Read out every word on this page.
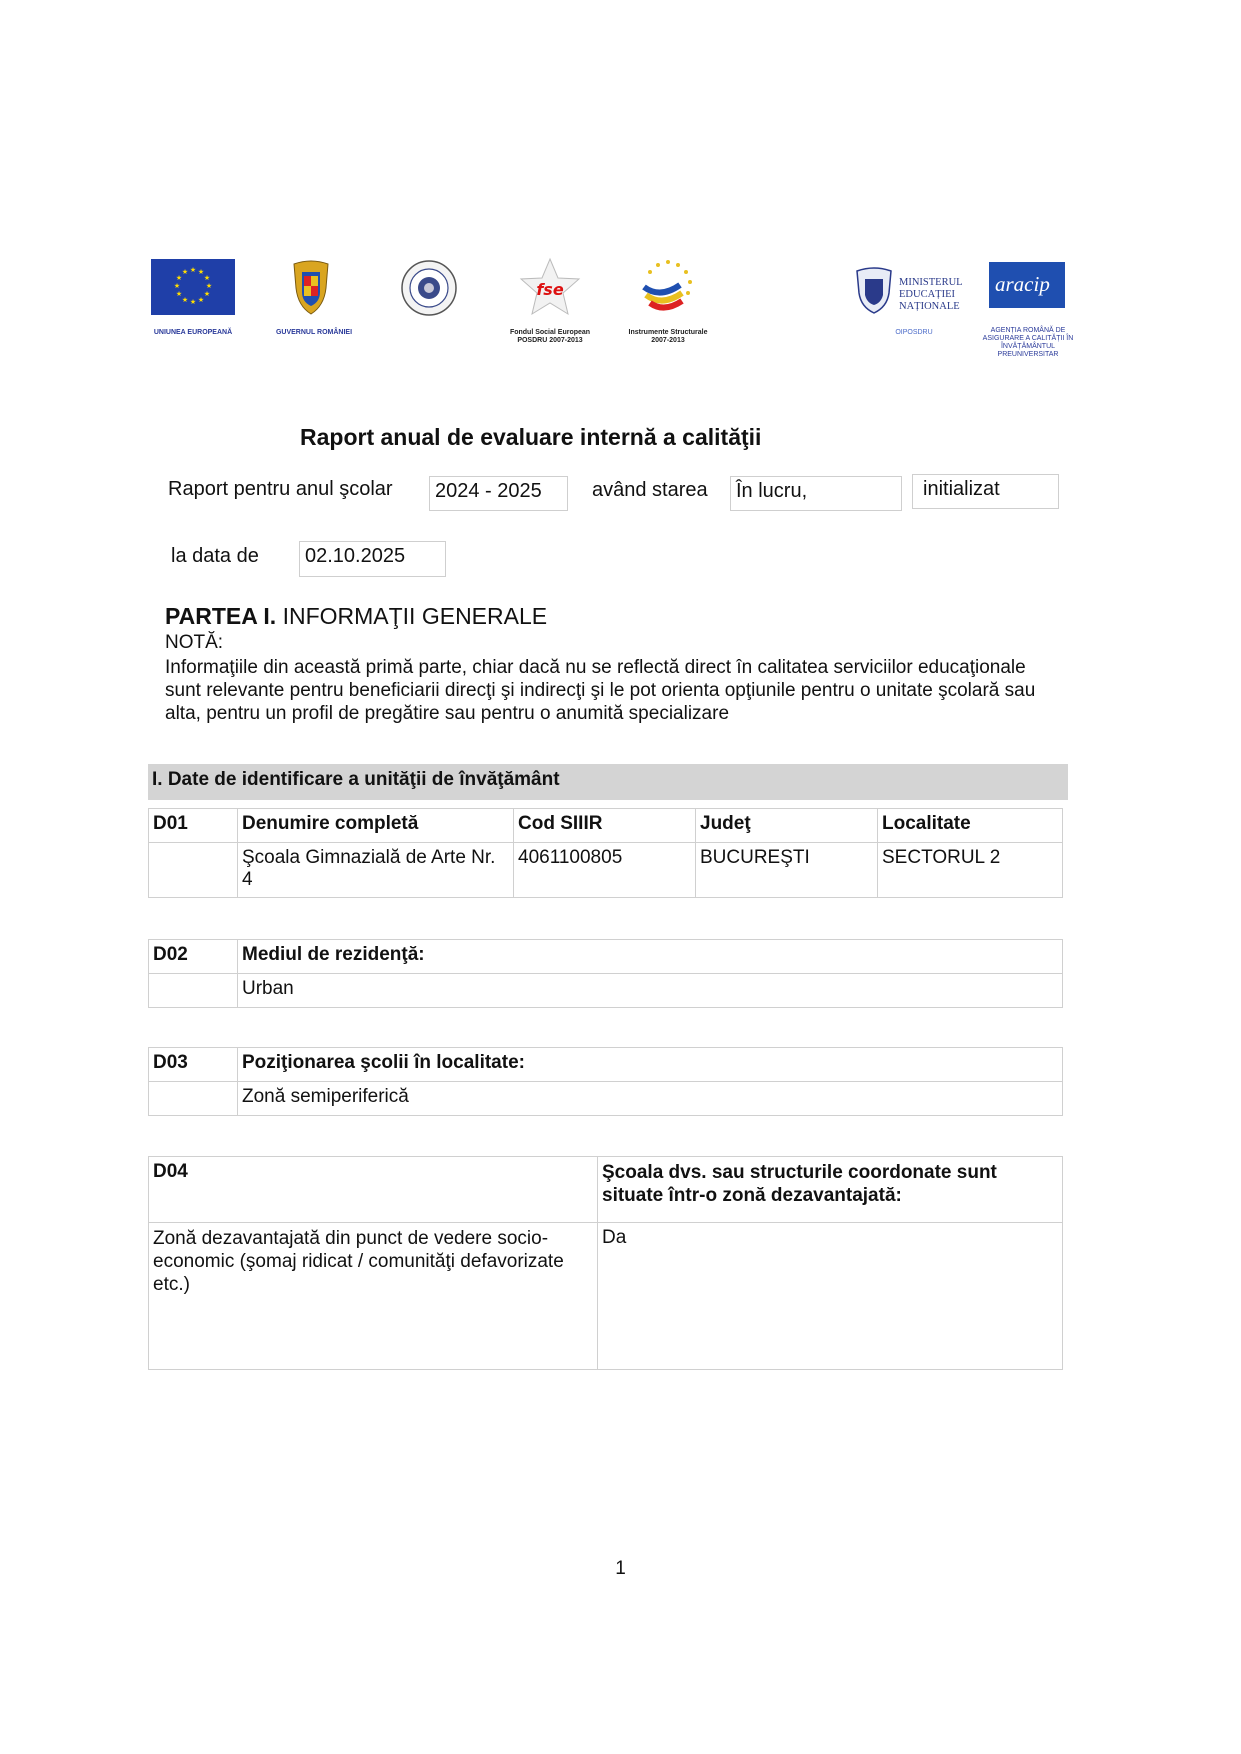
★ ★
★
★
★
★
★
★
★
★
★
★
UNIUNEA EUROPEANĂ	GUVERNUL ROMÂNIEI
fse
Fondul Social European POSDRU 2007-2013
Instrumente Structurale 2007-2013
MINISTERUL EDUCAȚIEI NAȚIONALE
OIPOSDRU
aracip
AGENȚIA ROMÂNĂ DE ASIGURARE A CALITĂȚII ÎN ÎNVĂȚĂMÂNTUL PREUNIVERSITAR
Raport anual de evaluare internă a calităţii
Raport pentru anul şcolar	2024 - 2025	având starea	În lucru,	initializat
la data de	02.10.2025
PARTEA I. INFORMAŢII GENERALE
NOTĂ:
Informaţiile din această primă parte, chiar dacă nu se reflectă direct în calitatea serviciilor educaţionale sunt relevante pentru beneficiarii direcţi şi indirecţi şi le pot orienta opţiunile pentru o unitate şcolară sau alta, pentru un profil de pregătire sau pentru o anumită specializare
I. Date de identificare a unităţii de învăţământ
D01	Denumire completă	Cod SIIIR	Judeţ	Localitate
	Şcoala Gimnazială de Arte Nr. 4	4061100805	BUCUREŞTI	SECTORUL 2
D02	Mediul de rezidenţă:
	Urban
D03	Poziţionarea şcolii în localitate:
	Zonă semiperiferică
D04	Şcoala dvs. sau structurile coordonate sunt situate într-o zonă dezavantajată:
Zonă dezavantajată din punct de vedere socio-economic (şomaj ridicat / comunităţi defavorizate etc.)	Da
1
